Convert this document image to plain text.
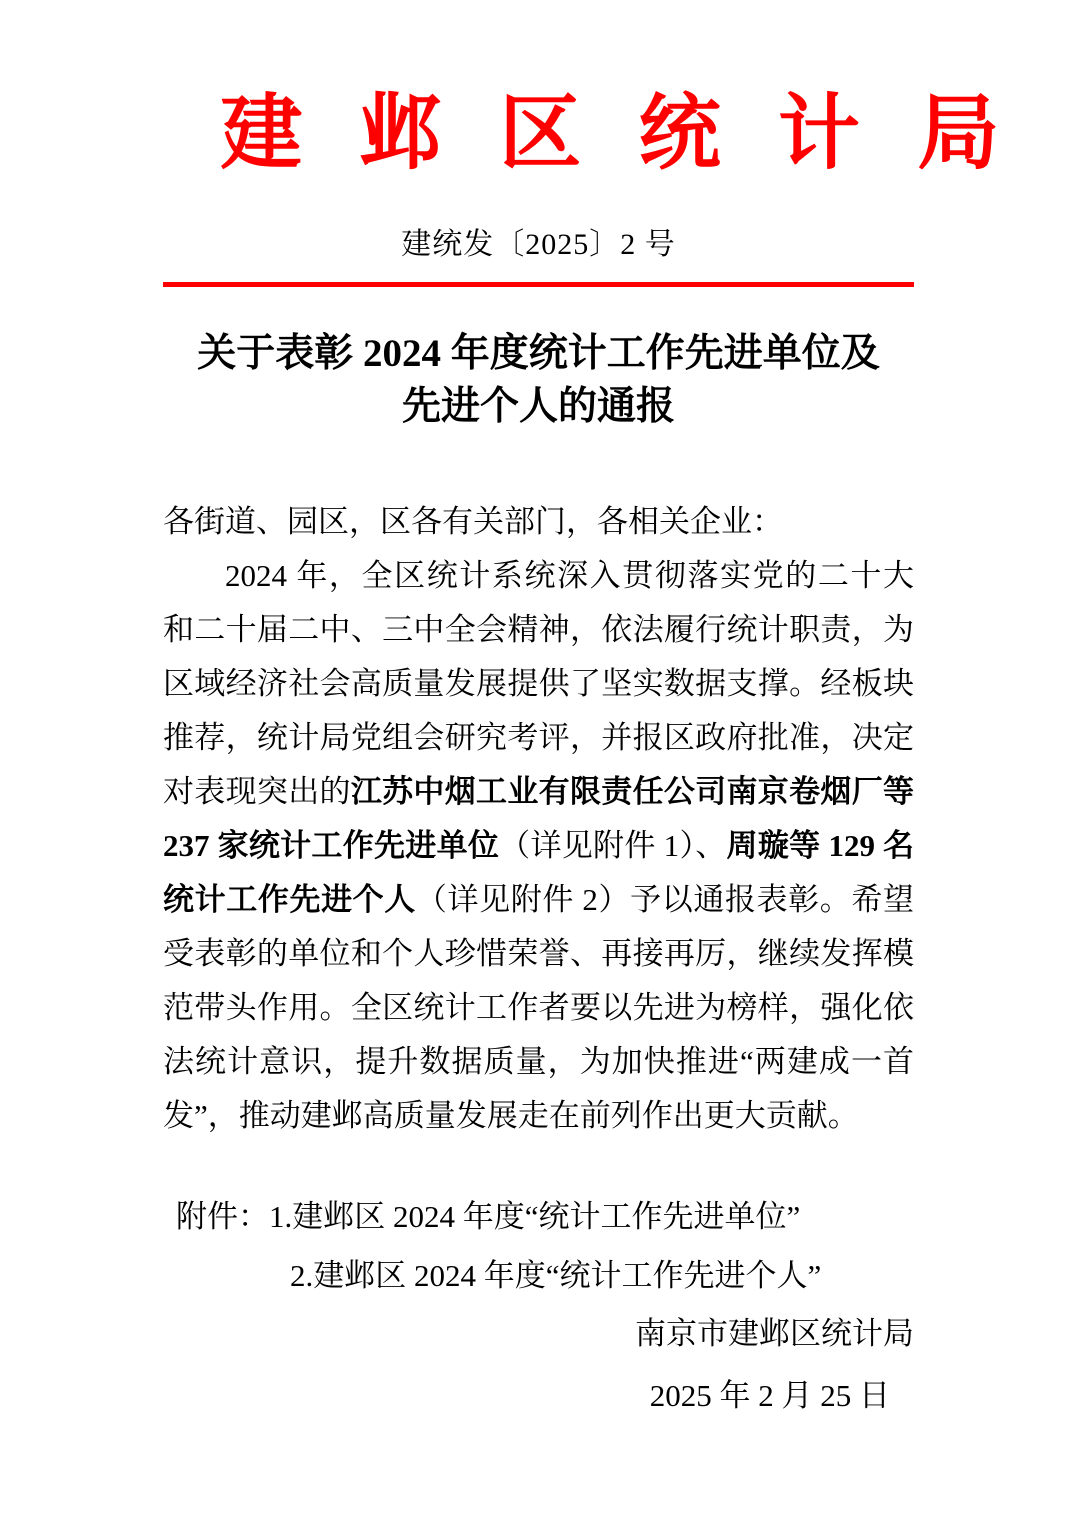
建邺区统计局
建统发〔2025〕2 号
关于表彰 2024 年度统计工作先进单位及
先进个人的通报

各街道、园区，区各有关部门，各相关企业：

2024 年，全区统计系统深入贯彻落实党的二十大和二十届二中、三中全会精神，依法履行统计职责，为区域经济社会高质量发展提供了坚实数据支撑。经板块推荐，统计局党组会研究考评，并报区政府批准，决定对表现突出的江苏中烟工业有限责任公司南京卷烟厂等237 家统计工作先进单位（详见附件 1）、周璇等 129 名统计工作先进个人（详见附件 2）予以通报表彰。希望受表彰的单位和个人珍惜荣誉、再接再厉，继续发挥模范带头作用。全区统计工作者要以先进为榜样，强化依法统计意识，提升数据质量，为加快推进“两建成一首发”，推动建邺高质量发展走在前列作出更大贡献。

附件：1.建邺区 2024 年度“统计工作先进单位”

2.建邺区 2024 年度“统计工作先进个人”

南京市建邺区统计局
2025 年 2 月 25 日
